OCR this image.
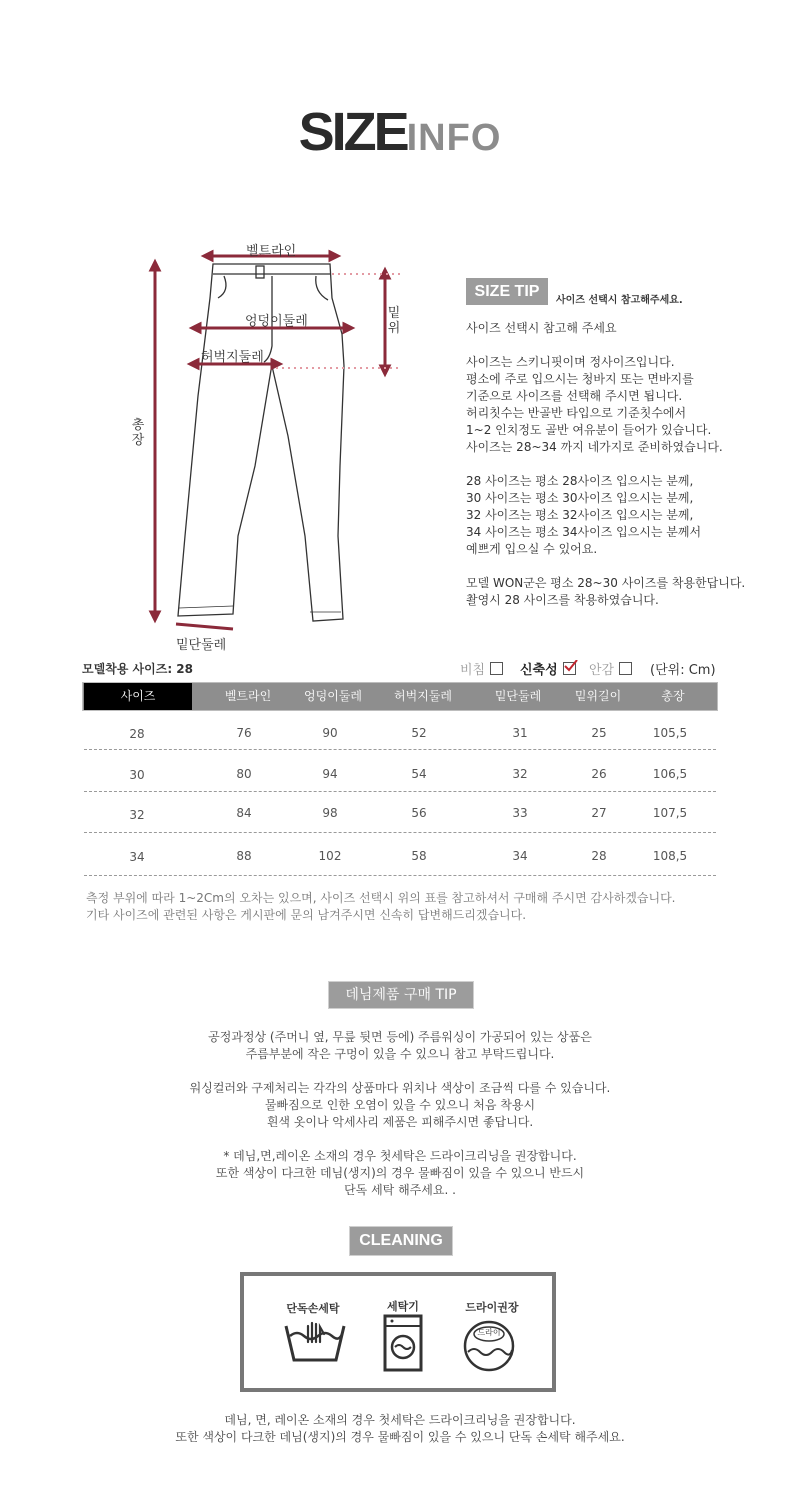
SIZEINFO
벨트라인
엉덩이둘레
허벅지둘레
밑위
총장
밑단둘레
SIZE TIP
사이즈 선택시 참고해주세요.
사이즈 선택시 참고해 주세요

사이즈는 스키니핏이며 정사이즈입니다.
평소에 주로 입으시는 청바지 또는 면바지를
기준으로 사이즈를 선택해 주시면 됩니다.
허리칫수는 반골반 타입으로 기준칫수에서
1~2 인치정도 골반 여유분이 들어가 있습니다.
사이즈는 28~34 까지 네가지로 준비하였습니다.

28 사이즈는 평소 28사이즈 입으시는 분께,
30 사이즈는 평소 30사이즈 입으시는 분께,
32 사이즈는 평소 32사이즈 입으시는 분께,
34 사이즈는 평소 34사이즈 입으시는 분께서
예쁘게 입으실 수 있어요.

모델 WON군은 평소 28~30 사이즈를 착용한답니다.
촬영시 28 사이즈를 착용하였습니다.
모델착용 사이즈: 28	비침	신축성	안감	(단위: Cm)
사이즈	벨트라인	엉덩이둘레	허벅지둘레	밑단둘레	밑위길이	총장
28	76	90	52	31	25	105,5
30	80	94	54	32	26	106,5
32	84	98	56	33	27	107,5
34	88	102	58	34	28	108,5
측정 부위에 따라 1~2Cm의 오차는 있으며, 사이즈 선택시 위의 표를 참고하셔서 구매해 주시면 감사하겠습니다.
기타 사이즈에 관련된 사항은 게시판에 문의 남겨주시면 신속히 답변해드리겠습니다.
데님제품 구매 TIP
공정과정상 (주머니 옆, 무릎 뒷면 등에) 주름워싱이 가공되어 있는 상품은
주름부분에 작은 구멍이 있을 수 있으니 참고 부탁드립니다.
워싱컬러와 구제처리는 각각의 상품마다 위치나 색상이 조금씩 다를 수 있습니다.
물빠짐으로 인한 오염이 있을 수 있으니 처음 착용시
흰색 옷이나 악세사리 제품은 피해주시면 좋답니다.
* 데님,면,레이온 소재의 경우 첫세탁은 드라이크리닝을 권장합니다.
또한 색상이 다크한 데님(생지)의 경우 물빠짐이 있을 수 있으니 반드시
단독 세탁 해주세요. .
CLEANING
단독손세탁	세탁기	드라이권장
드라이
데님, 면, 레이온 소재의 경우 첫세탁은 드라이크리닝을 권장합니다.
또한 색상이 다크한 데님(생지)의 경우 물빠짐이 있을 수 있으니 단독 손세탁 해주세요.
